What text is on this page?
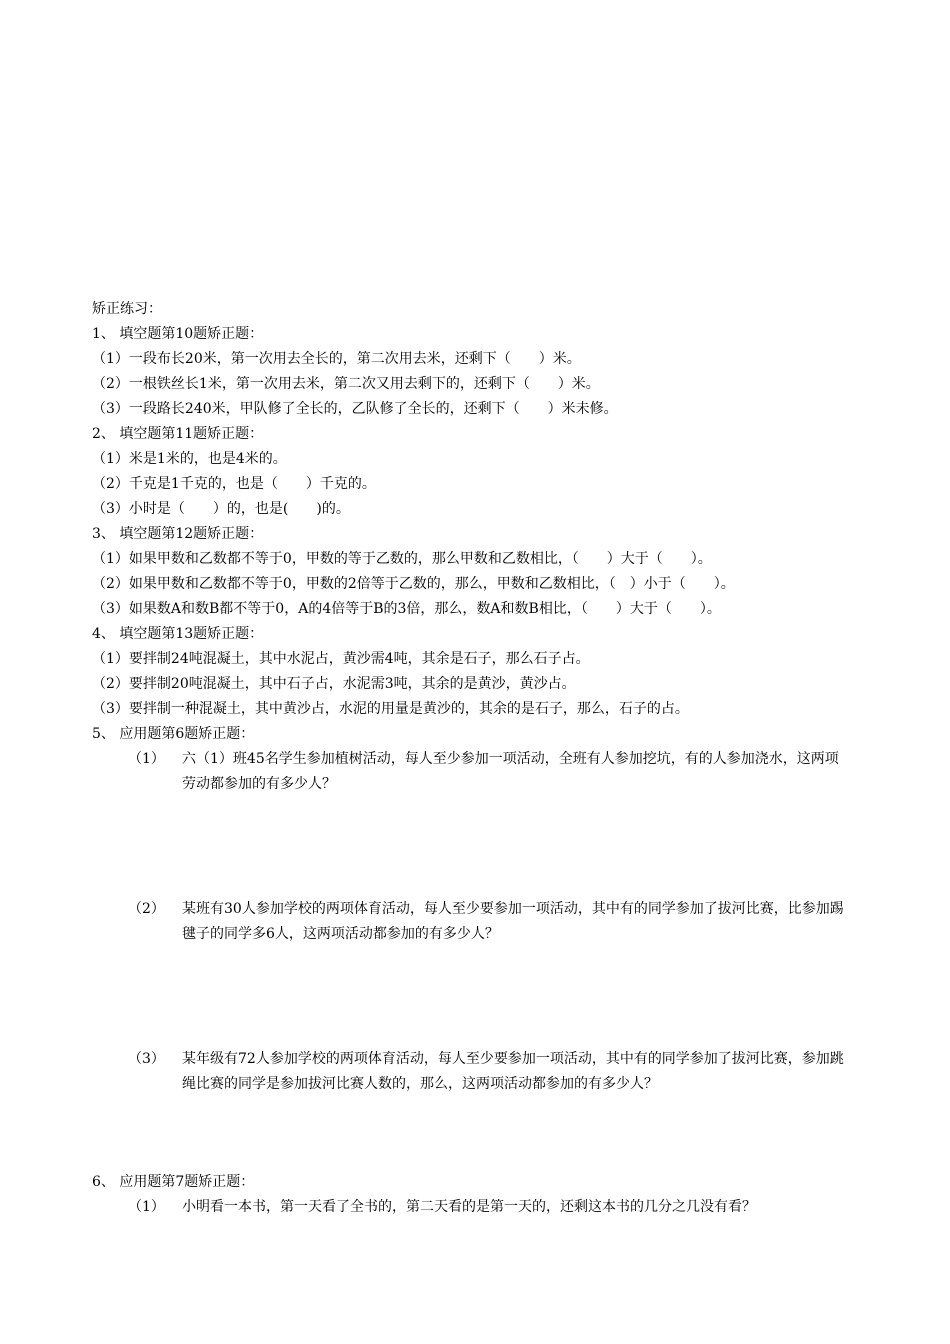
矫正练习：
1、 填空题第10题矫正题：
（1）一段布长20米，第一次用去全长的，第二次用去米，还剩下（　　）米。
（2）一根铁丝长1米，第一次用去米，第二次又用去剩下的，还剩下（　　）米。
（3）一段路长240米，甲队修了全长的，乙队修了全长的，还剩下（　　）米未修。
2、 填空题第11题矫正题：
（1）米是1米的，也是4米的。
（2）千克是1千克的，也是（　　）千克的。
（3）小时是（　　）的，也是(　　)的。
3、 填空题第12题矫正题：
（1）如果甲数和乙数都不等于0，甲数的等于乙数的，那么甲数和乙数相比，（　　）大于（　　）。
（2）如果甲数和乙数都不等于0，甲数的2倍等于乙数的，那么，甲数和乙数相比，（　）小于（　　）。
（3）如果数A和数B都不等于0，A的4倍等于B的3倍，那么，数A和数B相比，（　　）大于（　　）。
4、 填空题第13题矫正题：
（1）要拌制24吨混凝土，其中水泥占，黄沙需4吨，其余是石子，那么石子占。
（2）要拌制20吨混凝土，其中石子占，水泥需3吨，其余的是黄沙，黄沙占。
（3）要拌制一种混凝土，其中黄沙占，水泥的用量是黄沙的，其余的是石子，那么，石子的占。
5、 应用题第6题矫正题：
（1） 六（1）班45名学生参加植树活动，每人至少参加一项活动，全班有人参加挖坑，有的人参加浇水，这两项劳动都参加的有多少人？
（2） 某班有30人参加学校的两项体育活动，每人至少要参加一项活动，其中有的同学参加了拔河比赛，比参加踢毽子的同学多6人，这两项活动都参加的有多少人？
（3） 某年级有72人参加学校的两项体育活动，每人至少要参加一项活动，其中有的同学参加了拔河比赛，参加跳绳比赛的同学是参加拔河比赛人数的，那么，这两项活动都参加的有多少人？
6、 应用题第7题矫正题：
（1） 小明看一本书，第一天看了全书的，第二天看的是第一天的，还剩这本书的几分之几没有看？
